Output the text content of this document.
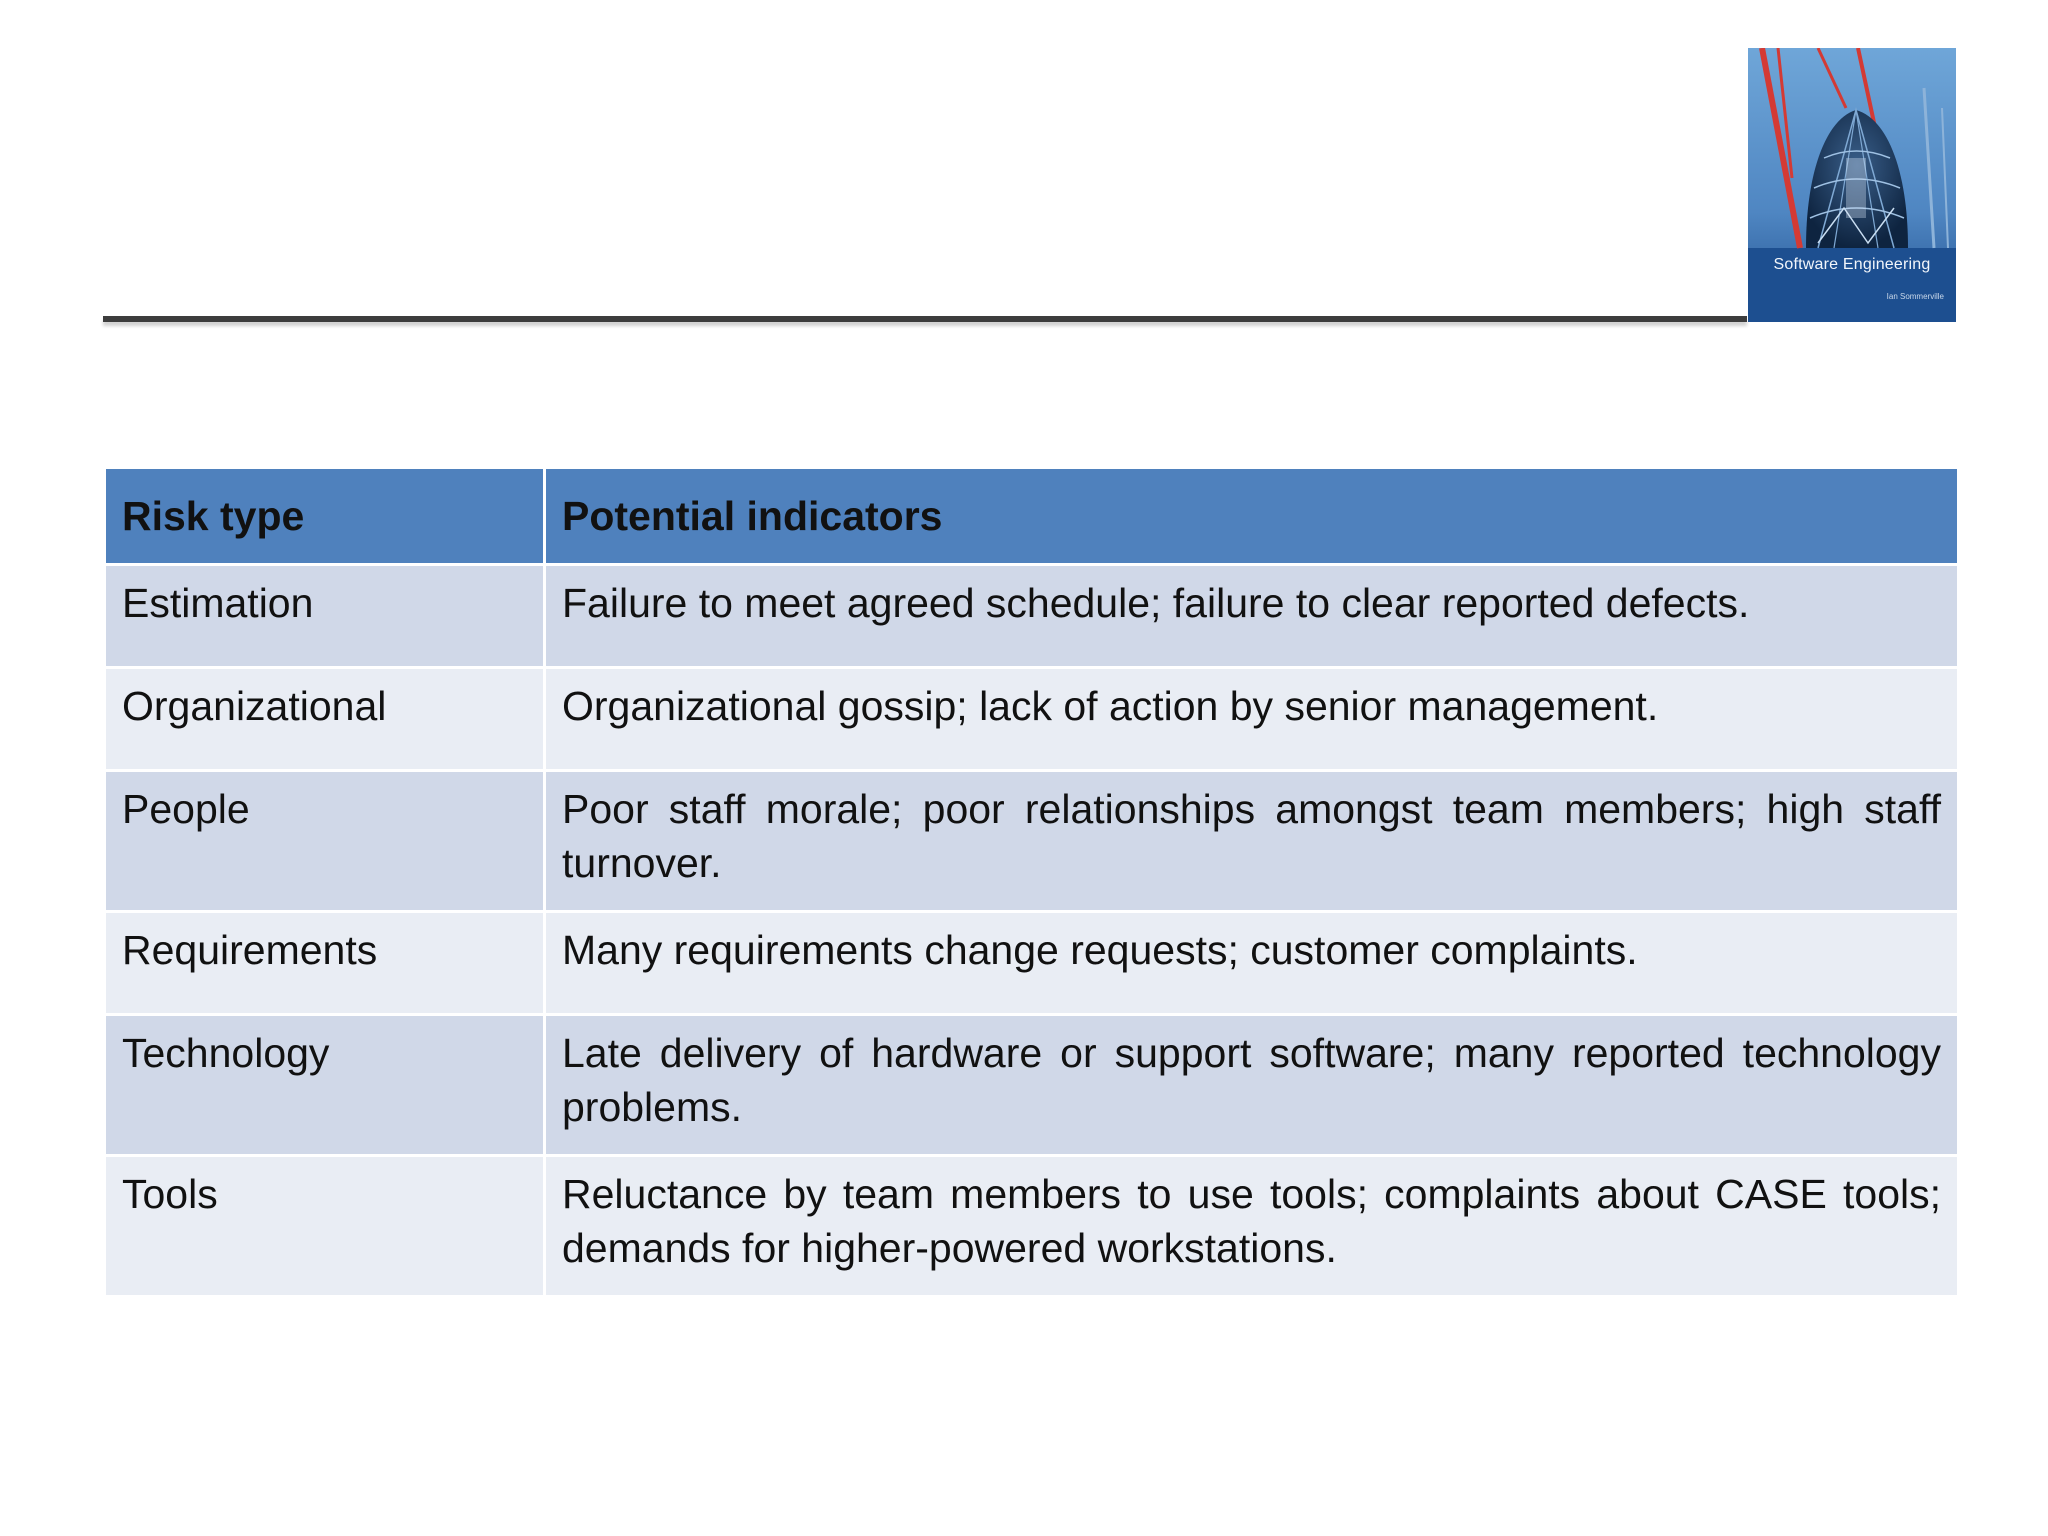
Software Engineering
Ian Sommerville
Risk type	Potential indicators
Estimation	Failure to meet agreed schedule; failure to clear reported defects.
Organizational	Organizational gossip; lack of action by senior management.
People	Poor staff morale; poor relationships amongst team members; high staff turnover.
Requirements	Many requirements change requests; customer complaints.
Technology	Late delivery of hardware or support software; many reported technology problems.
Tools	Reluctance by team members to use tools; complaints about CASE tools; demands for higher-powered workstations.
